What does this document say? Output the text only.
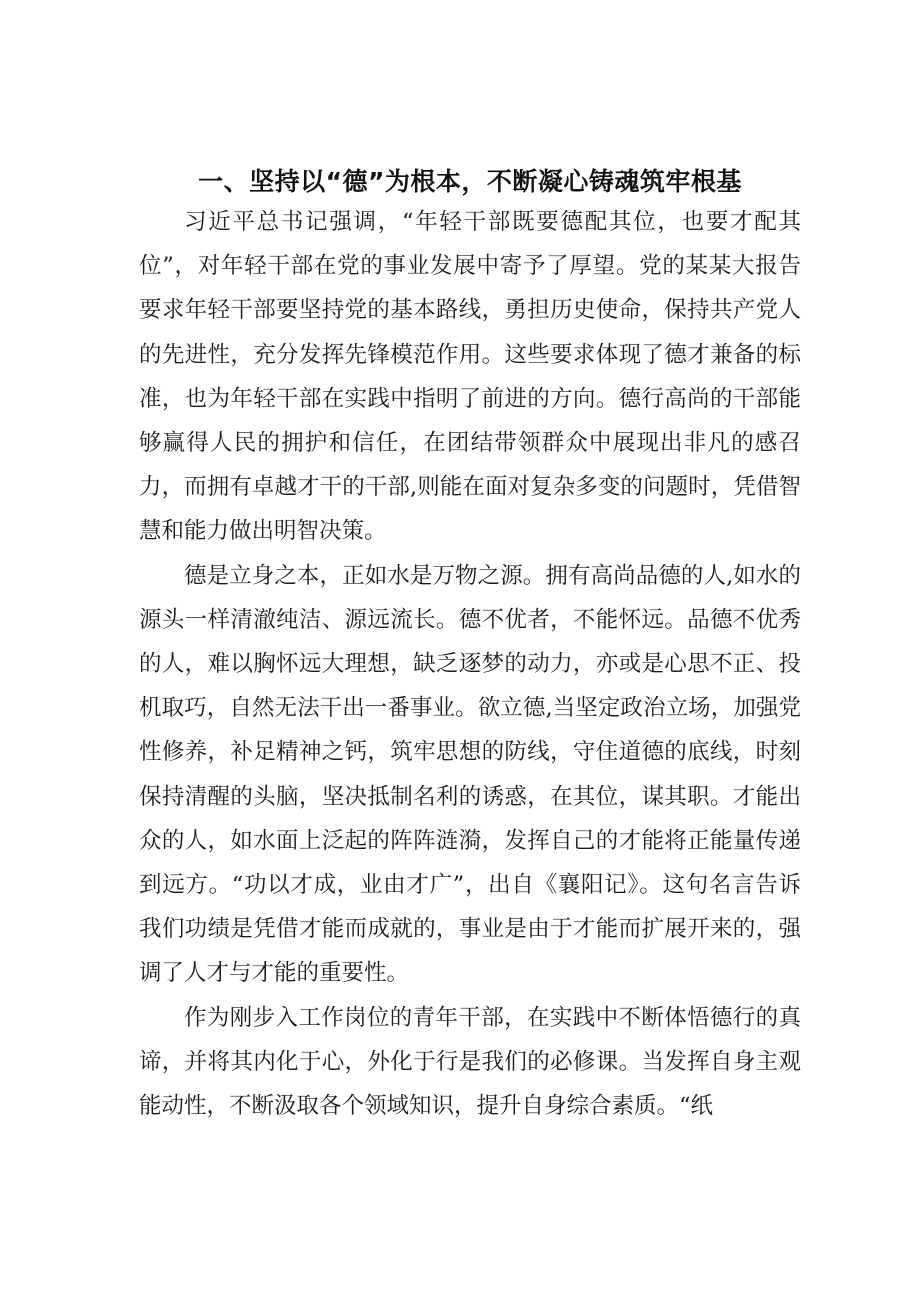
一、坚持以“德”为根本，不断凝心铸魂筑牢根基

习近平总书记强调，“年轻干部既要德配其位，也要才配其位”，对年轻干部在党的事业发展中寄予了厚望。党的某某大报告要求年轻干部要坚持党的基本路线，勇担历史使命，保持共产党人的先进性，充分发挥先锋模范作用。这些要求体现了德才兼备的标准，也为年轻干部在实践中指明了前进的方向。德行高尚的干部能够赢得人民的拥护和信任，在团结带领群众中展现出非凡的感召力，而拥有卓越才干的干部,则能在面对复杂多变的问题时，凭借智慧和能力做出明智决策。

德是立身之本，正如水是万物之源。拥有高尚品德的人,如水的源头一样清澈纯洁、源远流长。德不优者，不能怀远。品德不优秀的人，难以胸怀远大理想，缺乏逐梦的动力，亦或是心思不正、投机取巧，自然无法干出一番事业。欲立德,当坚定政治立场，加强党性修养，补足精神之钙，筑牢思想的防线，守住道德的底线，时刻保持清醒的头脑，坚决抵制名利的诱惑，在其位，谋其职。才能出众的人，如水面上泛起的阵阵涟漪，发挥自己的才能将正能量传递到远方。“功以才成，业由才广”，出自《襄阳记》。这句名言告诉我们功绩是凭借才能而成就的，事业是由于才能而扩展开来的，强调了人才与才能的重要性。

作为刚步入工作岗位的青年干部，在实践中不断体悟德行的真谛，并将其内化于心，外化于行是我们的必修课。当发挥自身主观能动性，不断汲取各个领域知识，提升自身综合素质。“纸
